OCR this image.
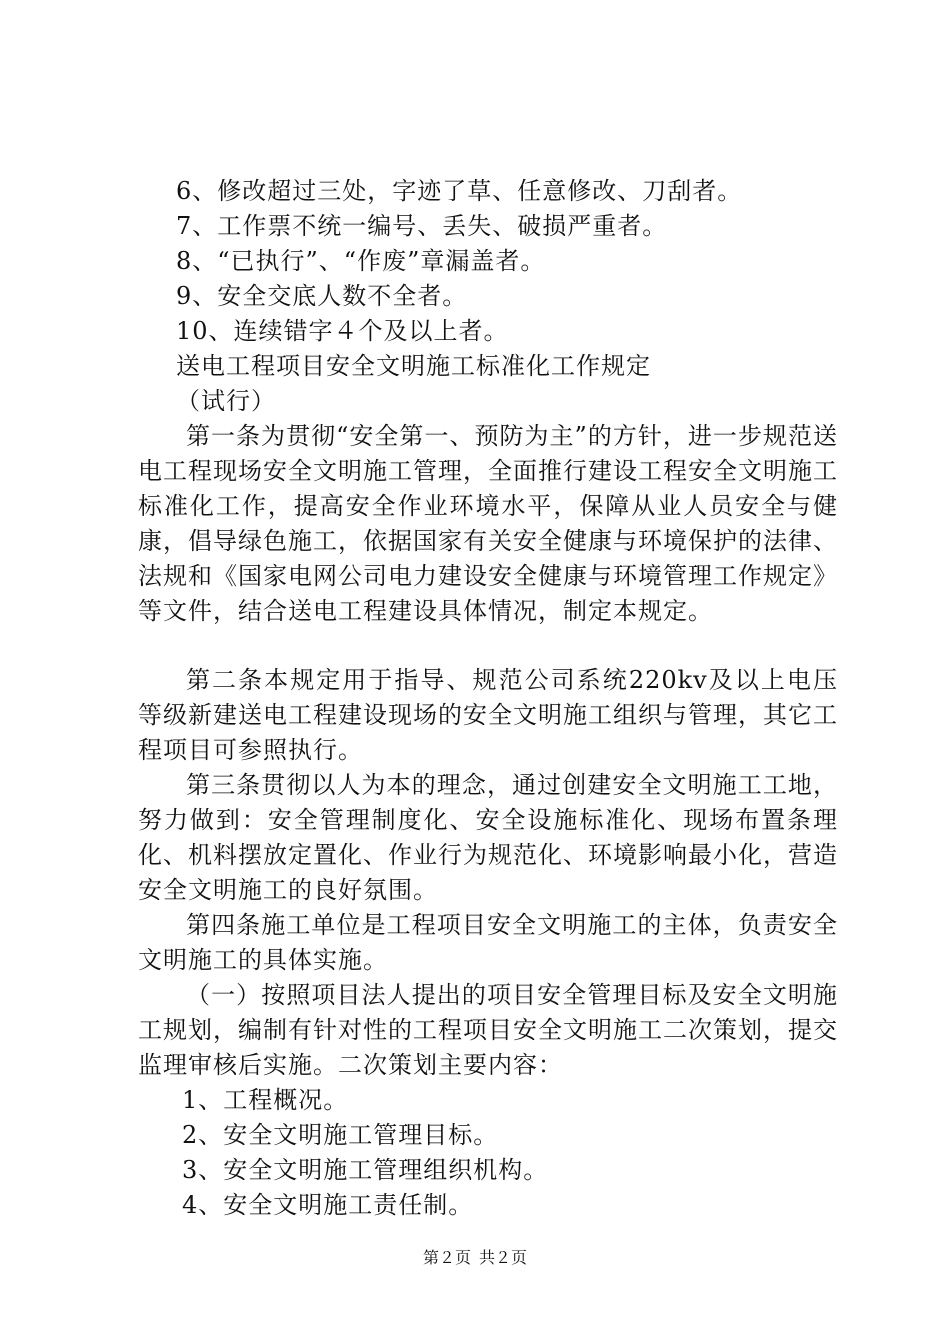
6、修改超过三处，字迹了草、任意修改、刀刮者。
7、工作票不统一编号、丢失、破损严重者。
8、“已执行”、“作废”章漏盖者。
9、安全交底人数不全者。
10、连续错字４个及以上者。
送电工程项目安全文明施工标准化工作规定
（试行）
第一条为贯彻“安全第一、预防为主”的方针，进一步规范送电工程现场安全文明施工管理，全面推行建设工程安全文明施工标准化工作，提高安全作业环境水平，保障从业人员安全与健康，倡导绿色施工，依据国家有关安全健康与环境保护的法律、法规和《国家电网公司电力建设安全健康与环境管理工作规定》等文件，结合送电工程建设具体情况，制定本规定。
第二条本规定用于指导、规范公司系统220kv及以上电压等级新建送电工程建设现场的安全文明施工组织与管理，其它工程项目可参照执行。
第三条贯彻以人为本的理念，通过创建安全文明施工工地，努力做到：安全管理制度化、安全设施标准化、现场布置条理化、机料摆放定置化、作业行为规范化、环境影响最小化，营造安全文明施工的良好氛围。
第四条施工单位是工程项目安全文明施工的主体，负责安全文明施工的具体实施。
（一）按照项目法人提出的项目安全管理目标及安全文明施工规划，编制有针对性的工程项目安全文明施工二次策划，提交监理审核后实施。二次策划主要内容：
1、工程概况。
2、安全文明施工管理目标。
3、安全文明施工管理组织机构。
4、安全文明施工责任制。
第２页 共２页
